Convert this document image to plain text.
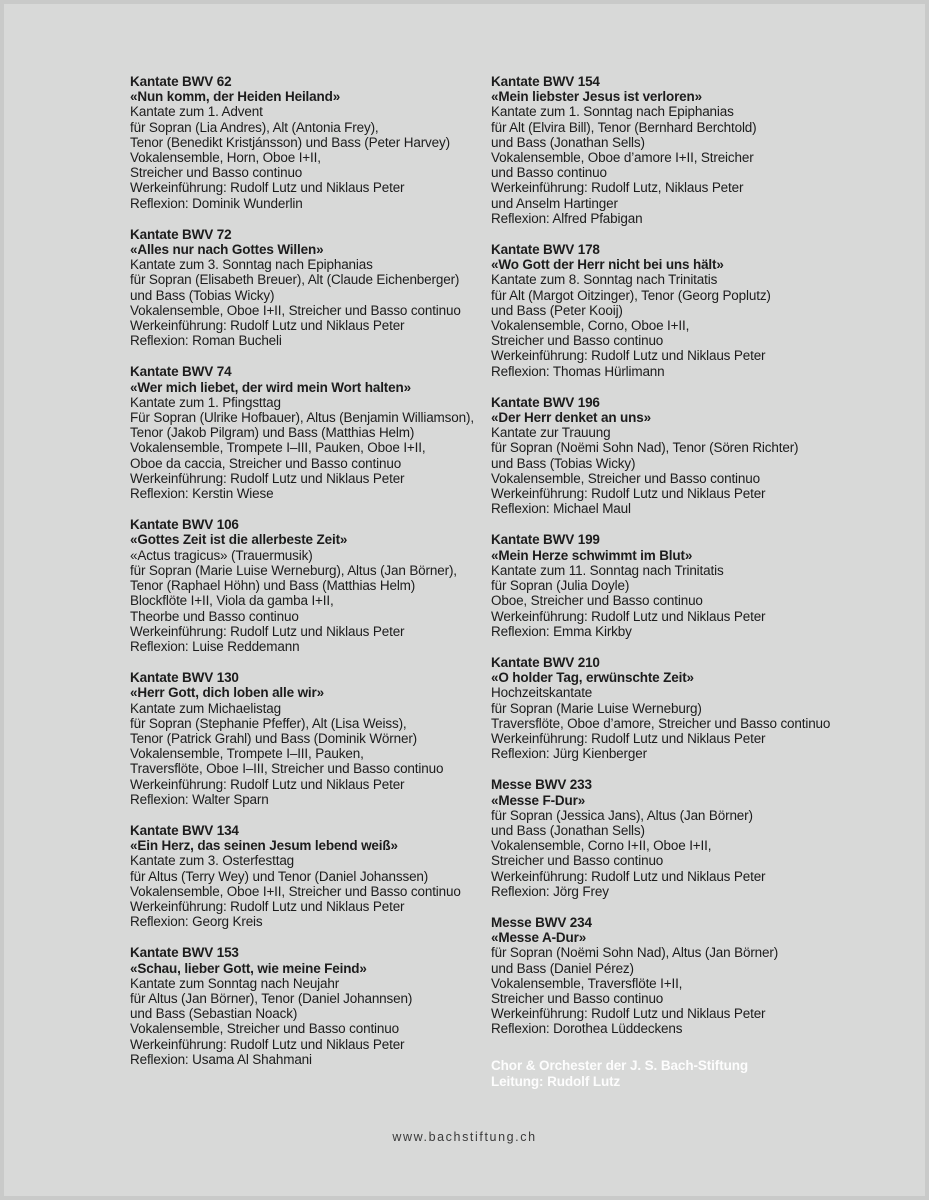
Kantate BWV 62
«Nun komm, der Heiden Heiland»
Kantate zum 1. Advent
für Sopran (Lia Andres), Alt (Antonia Frey),
Tenor (Benedikt Kristjánsson) und Bass (Peter Harvey)
Vokalensemble, Horn, Oboe I+II,
Streicher und Basso continuo
Werkeinführung: Rudolf Lutz und Niklaus Peter
Reflexion: Dominik Wunderlin
Kantate BWV 72
«Alles nur nach Gottes Willen»
Kantate zum 3. Sonntag nach Epiphanias
für Sopran (Elisabeth Breuer), Alt (Claude Eichenberger)
und Bass (Tobias Wicky)
Vokalensemble, Oboe I+II, Streicher und Basso continuo
Werkeinführung: Rudolf Lutz und Niklaus Peter
Reflexion: Roman Bucheli
Kantate BWV 74
«Wer mich liebet, der wird mein Wort halten»
Kantate zum 1. Pfingsttag
Für Sopran (Ulrike Hofbauer), Altus (Benjamin Williamson),
Tenor (Jakob Pilgram) und Bass (Matthias Helm)
Vokalensemble, Trompete I–III, Pauken, Oboe I+II,
Oboe da caccia, Streicher und Basso continuo
Werkeinführung: Rudolf Lutz und Niklaus Peter
Reflexion: Kerstin Wiese
Kantate BWV 106
«Gottes Zeit ist die allerbeste Zeit»
«Actus tragicus» (Trauermusik)
für Sopran (Marie Luise Werneburg), Altus (Jan Börner),
Tenor (Raphael Höhn) und Bass (Matthias Helm)
Blockflöte I+II, Viola da gamba I+II,
Theorbe und Basso continuo
Werkeinführung: Rudolf Lutz und Niklaus Peter
Reflexion: Luise Reddemann
Kantate BWV 130
«Herr Gott, dich loben alle wir»
Kantate zum Michaelistag
für Sopran (Stephanie Pfeffer), Alt (Lisa Weiss),
Tenor (Patrick Grahl) und Bass (Dominik Wörner)
Vokalensemble, Trompete I–III, Pauken,
Traversflöte, Oboe I–III, Streicher und Basso continuo
Werkeinführung: Rudolf Lutz und Niklaus Peter
Reflexion: Walter Sparn
Kantate BWV 134
«Ein Herz, das seinen Jesum lebend weiß»
Kantate zum 3. Osterfesttag
für Altus (Terry Wey) und Tenor (Daniel Johanssen)
Vokalensemble, Oboe I+II, Streicher und Basso continuo
Werkeinführung: Rudolf Lutz und Niklaus Peter
Reflexion: Georg Kreis
Kantate BWV 153
«Schau, lieber Gott, wie meine Feind»
Kantate zum Sonntag nach Neujahr
für Altus (Jan Börner), Tenor (Daniel Johannsen)
und Bass (Sebastian Noack)
Vokalensemble, Streicher und Basso continuo
Werkeinführung: Rudolf Lutz und Niklaus Peter
Reflexion: Usama Al Shahmani
Kantate BWV 154
«Mein liebster Jesus ist verloren»
Kantate zum 1. Sonntag nach Epiphanias
für Alt (Elvira Bill), Tenor (Bernhard Berchtold)
und Bass (Jonathan Sells)
Vokalensemble, Oboe d’amore I+II, Streicher
und Basso continuo
Werkeinführung: Rudolf Lutz, Niklaus Peter
und Anselm Hartinger
Reflexion: Alfred Pfabigan
Kantate BWV 178
«Wo Gott der Herr nicht bei uns hält»
Kantate zum 8. Sonntag nach Trinitatis
für Alt (Margot Oitzinger), Tenor (Georg Poplutz)
und Bass (Peter Kooij)
Vokalensemble, Corno, Oboe I+II,
Streicher und Basso continuo
Werkeinführung: Rudolf Lutz und Niklaus Peter
Reflexion: Thomas Hürlimann
Kantate BWV 196
«Der Herr denket an uns»
Kantate zur Trauung
für Sopran (Noëmi Sohn Nad), Tenor (Sören Richter)
und Bass (Tobias Wicky)
Vokalensemble, Streicher und Basso continuo
Werkeinführung: Rudolf Lutz und Niklaus Peter
Reflexion: Michael Maul
Kantate BWV 199
«Mein Herze schwimmt im Blut»
Kantate zum 11. Sonntag nach Trinitatis
für Sopran (Julia Doyle)
Oboe, Streicher und Basso continuo
Werkeinführung: Rudolf Lutz und Niklaus Peter
Reflexion: Emma Kirkby
Kantate BWV 210
«O holder Tag, erwünschte Zeit»
Hochzeitskantate
für Sopran (Marie Luise Werneburg)
Traversflöte, Oboe d’amore, Streicher und Basso continuo
Werkeinführung: Rudolf Lutz und Niklaus Peter
Reflexion: Jürg Kienberger
Messe BWV 233
«Messe F-Dur»
für Sopran (Jessica Jans), Altus (Jan Börner)
und Bass (Jonathan Sells)
Vokalensemble, Corno I+II, Oboe I+II,
Streicher und Basso continuo
Werkeinführung: Rudolf Lutz und Niklaus Peter
Reflexion: Jörg Frey
Messe BWV 234
«Messe A-Dur»
für Sopran (Noëmi Sohn Nad), Altus (Jan Börner)
und Bass (Daniel Pérez)
Vokalensemble, Traversflöte I+II,
Streicher und Basso continuo
Werkeinführung: Rudolf Lutz und Niklaus Peter
Reflexion: Dorothea Lüddeckens
Chor & Orchester der J. S. Bach-Stiftung
Leitung: Rudolf Lutz
www.bachstiftung.ch
